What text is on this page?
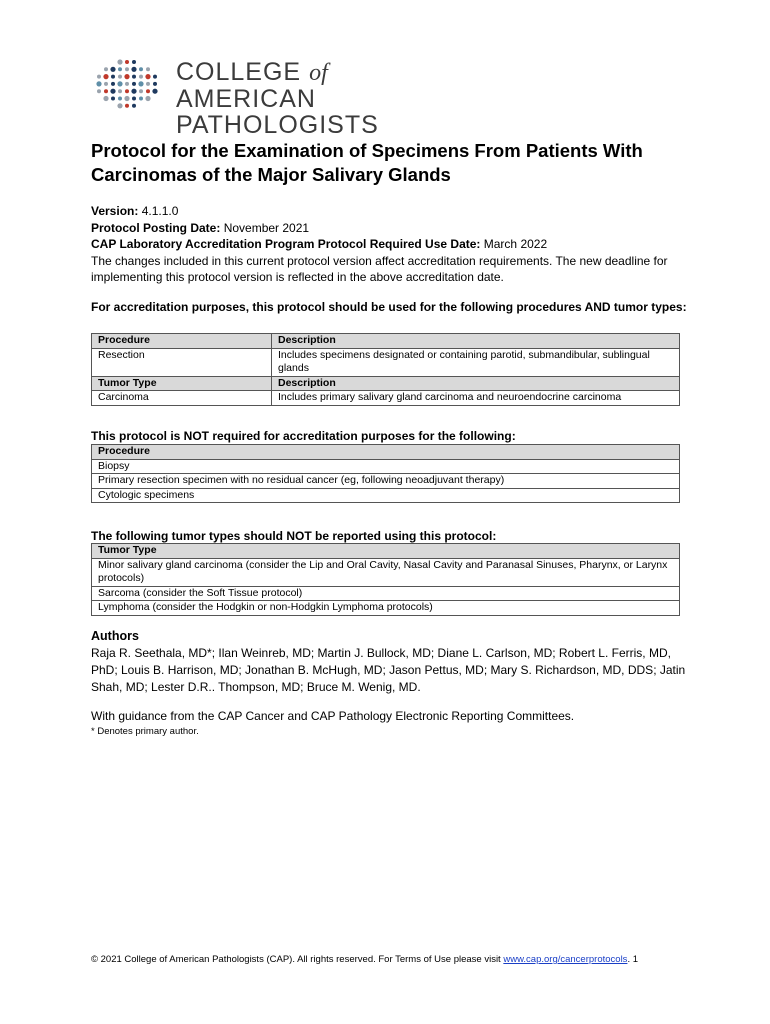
COLLEGE of AMERICAN
PATHOLOGISTS
Protocol for the Examination of Specimens From Patients With Carcinomas of the Major Salivary Glands
Version: 4.1.1.0
Protocol Posting Date: November 2021
CAP Laboratory Accreditation Program Protocol Required Use Date: March 2022
The changes included in this current protocol version affect accreditation requirements. The new deadline for implementing this protocol version is reflected in the above accreditation date.
For accreditation purposes, this protocol should be used for the following procedures AND tumor types:
Procedure	Description
Resection	Includes specimens designated or containing parotid, submandibular, sublingual glands
Tumor Type	Description
Carcinoma	Includes primary salivary gland carcinoma and neuroendocrine carcinoma
This protocol is NOT required for accreditation purposes for the following:
Procedure
Biopsy
Primary resection specimen with no residual cancer (eg, following neoadjuvant therapy)
Cytologic specimens
The following tumor types should NOT be reported using this protocol:
Tumor Type
Minor salivary gland carcinoma (consider the Lip and Oral Cavity, Nasal Cavity and Paranasal Sinuses, Pharynx, or Larynx protocols)
Sarcoma (consider the Soft Tissue protocol)
Lymphoma (consider the Hodgkin or non-Hodgkin Lymphoma protocols)
Authors
Raja R. Seethala, MD*; Ilan Weinreb, MD; Martin J. Bullock, MD; Diane L. Carlson, MD; Robert L. Ferris, MD, PhD; Louis B. Harrison, MD; Jonathan B. McHugh, MD; Jason Pettus, MD; Mary S. Richardson, MD, DDS; Jatin Shah, MD; Lester D.R.. Thompson, MD; Bruce M. Wenig, MD.
With guidance from the CAP Cancer and CAP Pathology Electronic Reporting Committees.
* Denotes primary author.
© 2021 College of American Pathologists (CAP). All rights reserved. For Terms of Use please visit www.cap.org/cancerprotocols. 1
